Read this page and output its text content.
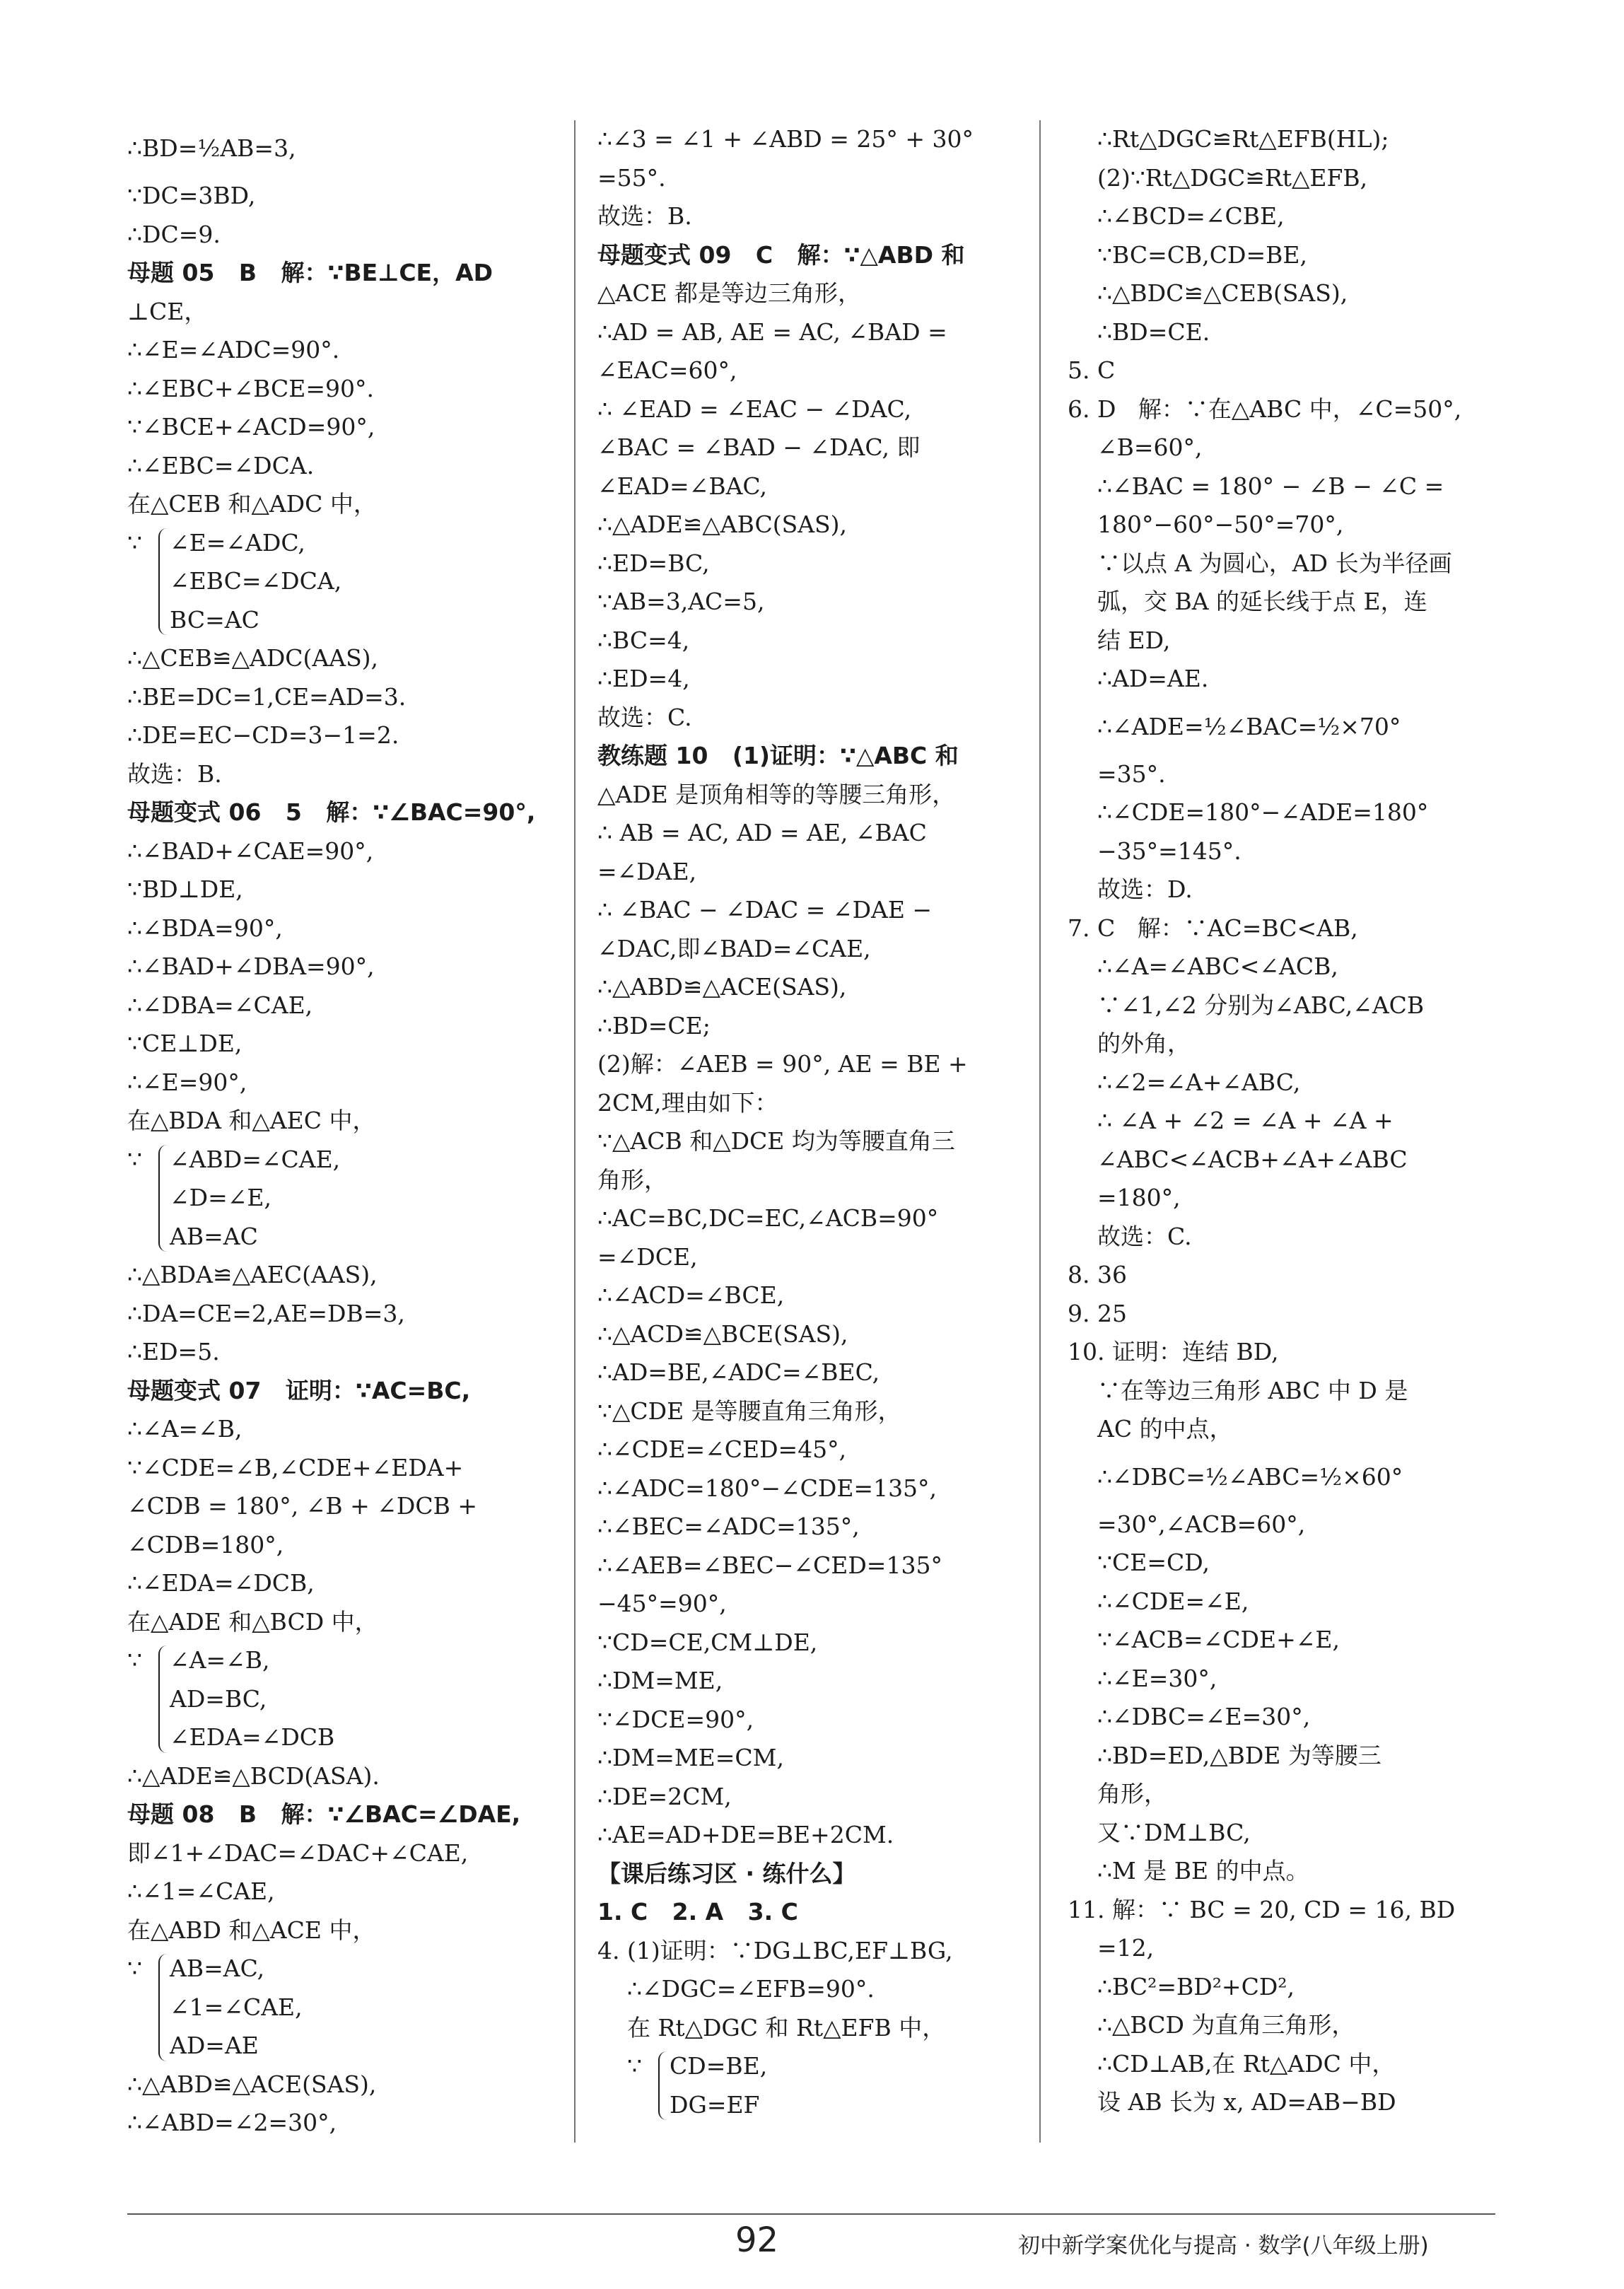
∴BD=½AB=3,
∵DC=3BD,
∴DC=9.
母题 05   B   解：∵BE⊥CE，AD
⊥CE，
∴∠E=∠ADC=90°.
∴∠EBC+∠BCE=90°.
∵∠BCE+∠ACD=90°,
∴∠EBC=∠DCA.
在△CEB 和△ADC 中，
∵	∠E=∠ADC,
∠EBC=∠DCA,
BC=AC
∴△CEB≌△ADC(AAS),
∴BE=DC=1,CE=AD=3.
∴DE=EC−CD=3−1=2.
故选：B.
母题变式 06   5   解：∵∠BAC=90°,
∴∠BAD+∠CAE=90°,
∵BD⊥DE,
∴∠BDA=90°,
∴∠BAD+∠DBA=90°,
∴∠DBA=∠CAE,
∵CE⊥DE,
∴∠E=90°,
在△BDA 和△AEC 中，
∵	∠ABD=∠CAE,
∠D=∠E,
AB=AC
∴△BDA≌△AEC(AAS),
∴DA=CE=2,AE=DB=3,
∴ED=5.
母题变式 07   证明：∵AC=BC,
∴∠A=∠B,
∵∠CDE=∠B,∠CDE+∠EDA+
∠CDB = 180°, ∠B + ∠DCB +
∠CDB=180°,
∴∠EDA=∠DCB,
在△ADE 和△BCD 中，
∵	∠A=∠B,
AD=BC,
∠EDA=∠DCB
∴△ADE≌△BCD(ASA).
母题 08   B   解：∵∠BAC=∠DAE,
即∠1+∠DAC=∠DAC+∠CAE,
∴∠1=∠CAE,
在△ABD 和△ACE 中，
∵	AB=AC,
∠1=∠CAE,
AD=AE
∴△ABD≌△ACE(SAS),
∴∠ABD=∠2=30°,
∴∠3 = ∠1 + ∠ABD = 25° + 30°
=55°.
故选：B.
母题变式 09   C   解：∵△ABD 和
△ACE 都是等边三角形，
∴AD = AB, AE = AC, ∠BAD =
∠EAC=60°,
∴ ∠EAD = ∠EAC − ∠DAC,
∠BAC = ∠BAD − ∠DAC, 即
∠EAD=∠BAC,
∴△ADE≌△ABC(SAS),
∴ED=BC,
∵AB=3,AC=5,
∴BC=4,
∴ED=4,
故选：C.
教练题 10   (1)证明：∵△ABC 和
△ADE 是顶角相等的等腰三角形，
∴ AB = AC, AD = AE, ∠BAC
=∠DAE,
∴ ∠BAC − ∠DAC = ∠DAE −
∠DAC,即∠BAD=∠CAE,
∴△ABD≌△ACE(SAS),
∴BD=CE;
(2)解：∠AEB = 90°, AE = BE +
2CM,理由如下：
∵△ACB 和△DCE 均为等腰直角三
角形，
∴AC=BC,DC=EC,∠ACB=90°
=∠DCE,
∴∠ACD=∠BCE,
∴△ACD≌△BCE(SAS),
∴AD=BE,∠ADC=∠BEC,
∵△CDE 是等腰直角三角形，
∴∠CDE=∠CED=45°,
∴∠ADC=180°−∠CDE=135°,
∴∠BEC=∠ADC=135°,
∴∠AEB=∠BEC−∠CED=135°
−45°=90°,
∵CD=CE,CM⊥DE,
∴DM=ME,
∵∠DCE=90°,
∴DM=ME=CM,
∴DE=2CM,
∴AE=AD+DE=BE+2CM.
【课后练习区 · 练什么】
1. C   2. A   3. C
4. (1)证明：∵DG⊥BC,EF⊥BG,
∴∠DGC=∠EFB=90°.
在 Rt△DGC 和 Rt△EFB 中，
∵	CD=BE,
DG=EF
∴Rt△DGC≌Rt△EFB(HL);
(2)∵Rt△DGC≌Rt△EFB,
∴∠BCD=∠CBE,
∵BC=CB,CD=BE,
∴△BDC≌△CEB(SAS),
∴BD=CE.
5. C
6. D   解：∵在△ABC 中，∠C=50°,
∠B=60°,
∴∠BAC = 180° − ∠B − ∠C =
180°−60°−50°=70°,
∵以点 A 为圆心，AD 长为半径画
弧，交 BA 的延长线于点 E，连
结 ED,
∴AD=AE.
∴∠ADE=½∠BAC=½×70°
=35°.
∴∠CDE=180°−∠ADE=180°
−35°=145°.
故选：D.
7. C   解：∵AC=BC<AB,
∴∠A=∠ABC<∠ACB,
∵∠1,∠2 分别为∠ABC,∠ACB
的外角，
∴∠2=∠A+∠ABC,
∴ ∠A + ∠2 = ∠A + ∠A +
∠ABC<∠ACB+∠A+∠ABC
=180°,
故选：C.
8. 36
9. 25
10. 证明：连结 BD,
∵在等边三角形 ABC 中 D 是
AC 的中点，
∴∠DBC=½∠ABC=½×60°
=30°,∠ACB=60°,
∵CE=CD,
∴∠CDE=∠E,
∵∠ACB=∠CDE+∠E,
∴∠E=30°,
∴∠DBC=∠E=30°,
∴BD=ED,△BDE 为等腰三
角形，
又∵DM⊥BC,
∴M 是 BE 的中点。
11. 解：∵ BC = 20, CD = 16, BD
=12,
∴BC²=BD²+CD²,
∴△BCD 为直角三角形，
∴CD⊥AB,在 Rt△ADC 中，
设 AB 长为 x, AD=AB−BD
92	初中新学案优化与提高 · 数学(八年级上册)
